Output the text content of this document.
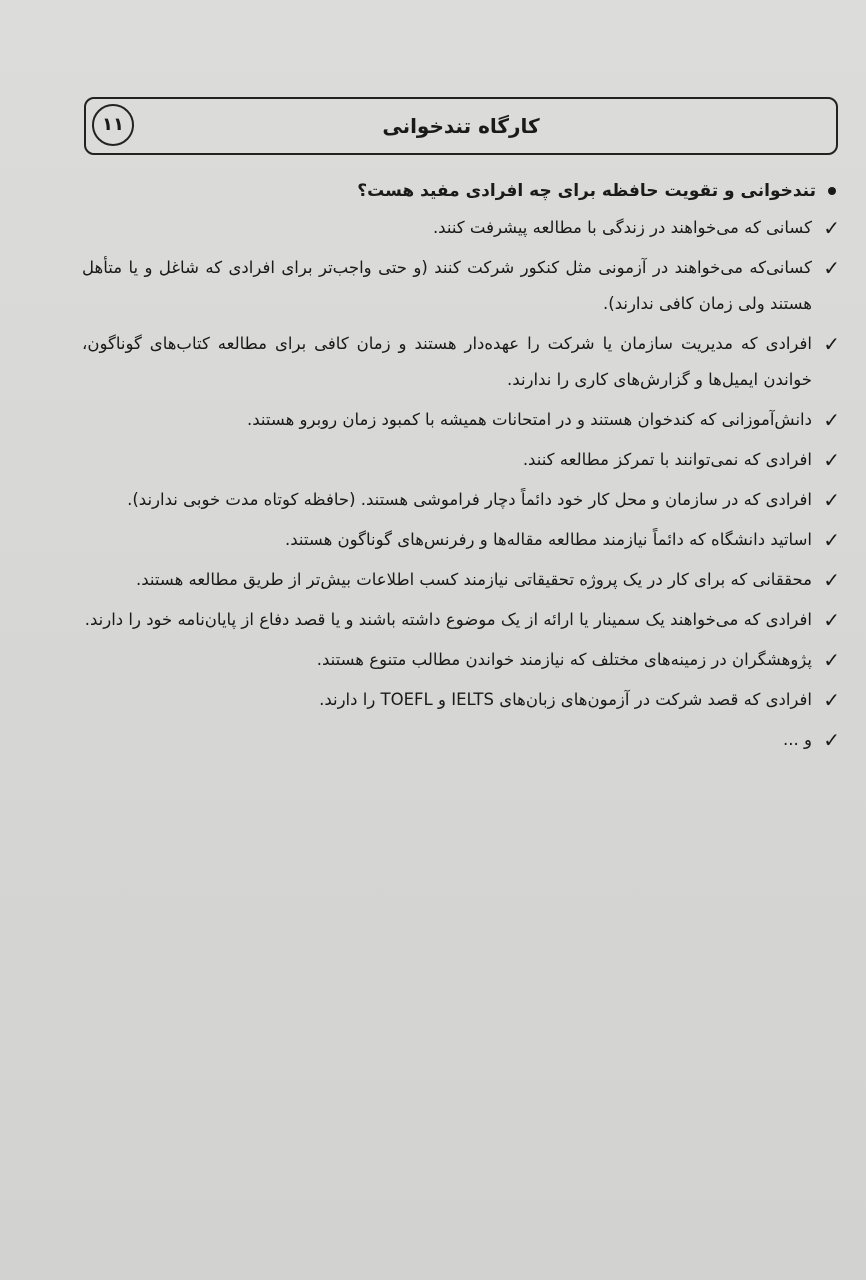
کارگاه تندخوانی
۱۱
تندخوانی و تقویت حافظه برای چه افرادی مفید هست؟
✓
کسانی که می‌خواهند در زندگی با مطالعه پیشرفت کنند.
✓
کسانی‌که می‌خواهند در آزمونی مثل کنکور شرکت کنند (و حتی واجب‌تر برای افرادی که شاغل و یا متأهل هستند ولی زمان کافی ندارند).
✓
افرادی که مدیریت سازمان یا شرکت را عهده‌دار هستند و زمان کافی برای مطالعه کتاب‌های گوناگون، خواندن ایمیل‌ها و گزارش‌های کاری را ندارند.
✓
دانش‌آموزانی که کندخوان هستند و در امتحانات همیشه با کمبود زمان روبرو هستند.
✓
افرادی که نمی‌توانند با تمرکز مطالعه کنند.
✓
افرادی که در سازمان و محل کار خود دائماً دچار فراموشی هستند. (حافظه کوتاه مدت خوبی ندارند).
✓
اساتید دانشگاه که دائماً نیازمند مطالعه مقاله‌ها و رفرنس‌های گوناگون هستند.
✓
محققانی که برای کار در یک پروژه تحقیقاتی نیازمند کسب اطلاعات بیش‌تر از طریق مطالعه هستند.
✓
افرادی که می‌خواهند یک سمینار یا ارائه از یک موضوع داشته باشند و یا قصد دفاع از پایان‌نامه خود را دارند.
✓
پژوهشگران در زمینه‌های مختلف که نیازمند خواندن مطالب متنوع هستند.
✓
افرادی که قصد شرکت در آزمون‌های زبان‌های IELTS و TOEFL را دارند.
✓
و ...
